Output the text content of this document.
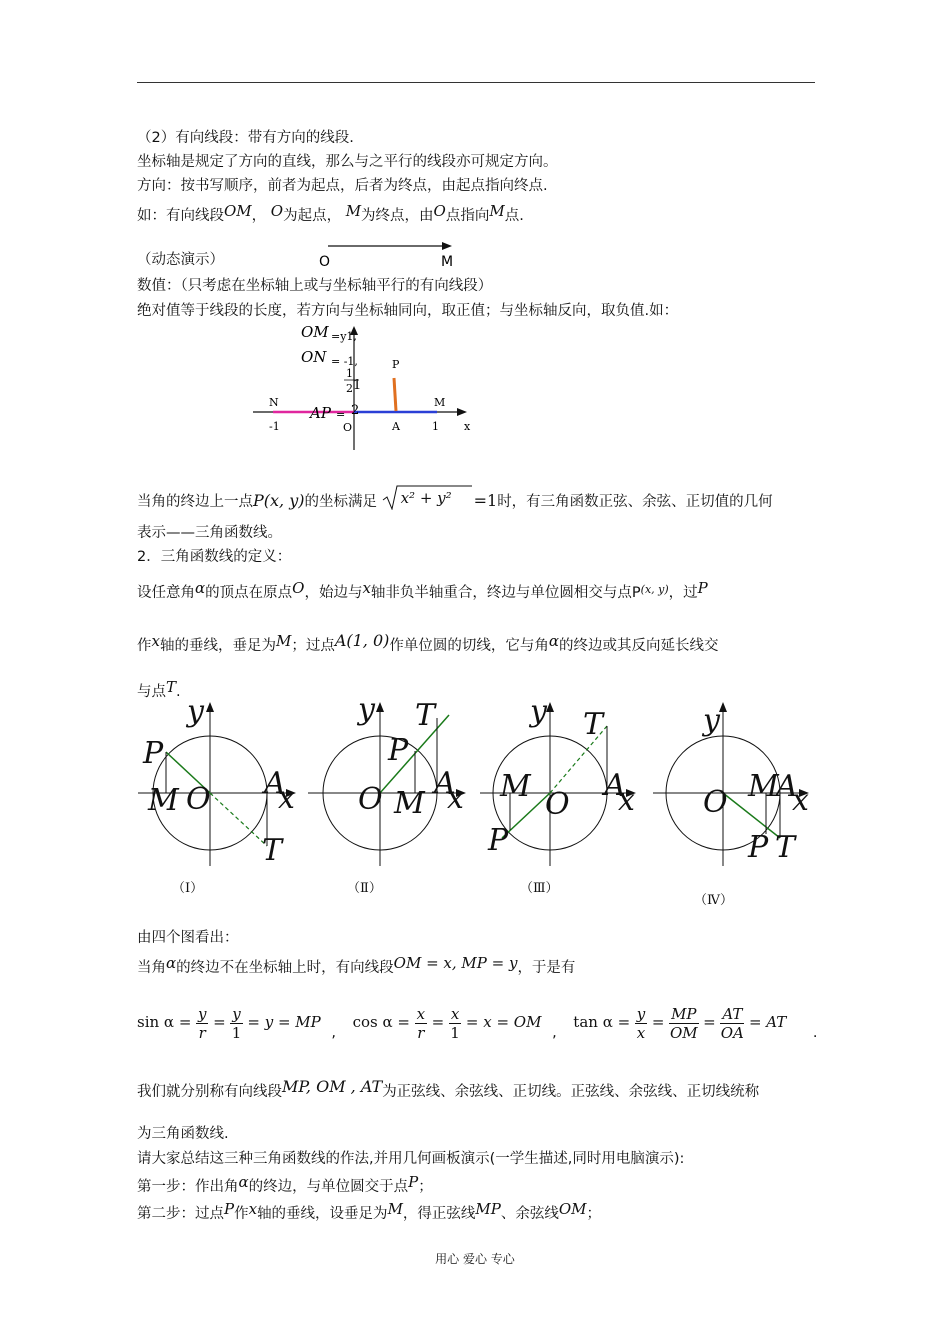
（2）有向线段：带有方向的线段.
坐标轴是规定了方向的直线，那么与之平行的线段亦可规定方向。
方向：按书写顺序，前者为起点，后者为终点，由起点指向终点.
如：有向线段OM， O为起点， M为终点，由O点指向M点.
（动态演示）	O	M
数值：（只考虑在坐标轴上或与坐标轴平行的有向线段）
绝对值等于线段的长度，若方向与坐标轴同向，取正值；与坐标轴反向，取负值.如：
OM =y1,
ON = -1,
1
2
AP =
1
2
N	M
P
O	A
-1	1 x
当角的终边上一点P(x, y)的坐标满足 x² + y² =1时，有三角函数正弦、余弦、正切值的几何
表示——三角函数线。
2．三角函数线的定义：
设任意角α的顶点在原点O，始边与x轴非负半轴重合，终边与单位圆相交与点P$^{(x, y)}$，过P
作x轴的垂线，垂足为M；过点A(1, 0)作单位圆的切线，它与角α的终边或其反向延长线交
与点T.
y
P
M O A
x
T
y T
P
O M
A
x
y T
M
O
A
x
P
y
O M
A
x
P T
（Ⅰ）	（Ⅱ）	（Ⅲ）
（Ⅳ）
由四个图看出：
当角α的终边不在坐标轴上时，有向线段OM = x, MP = y，于是有
$\sin \alpha = \frac{y}{r} = \frac{y}{1} = y$ = MP , $\cos \alpha = \frac{x}{r} = \frac{x}{1} = x$ = OM , $\tan \alpha = \frac{y}{x} = \frac{MP}{OM} = \frac{AT}{OA}$ = AT .
我们就分别称有向线段MP, OM , AT为正弦线、余弦线、正切线。正弦线、余弦线、正切线统称
为三角函数线.
请大家总结这三种三角函数线的作法,并用几何画板演示(一学生描述,同时用电脑演示):
第一步：作出角α的终边，与单位圆交于点P；
第二步：过点P作x轴的垂线，设垂足为M，得正弦线MP、余弦线OM；
用心 爱心 专心
